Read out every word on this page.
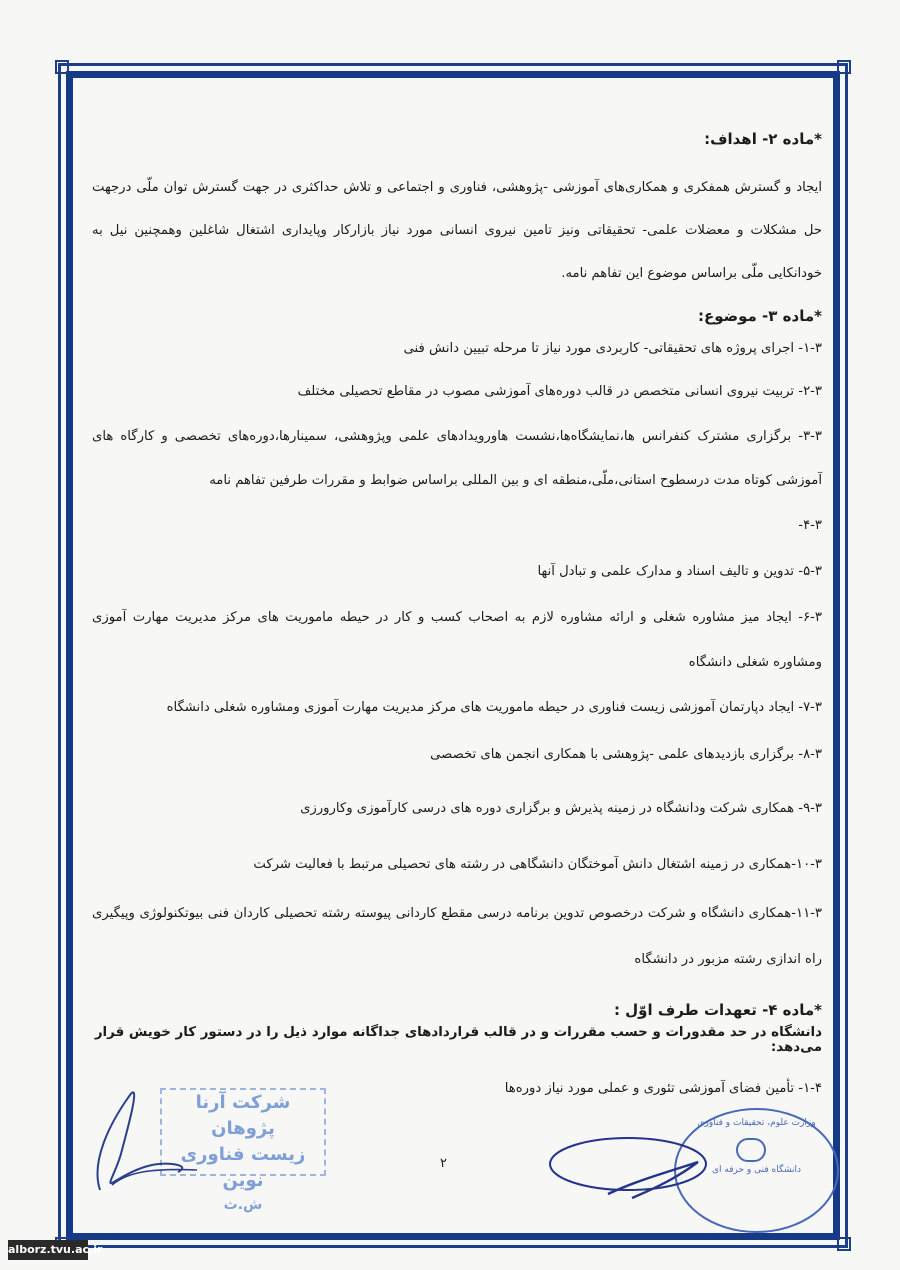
*ماده ۲- اهداف:

ایجاد و گسترش همفکری و همکاری‌های آموزشی -پژوهشی، فناوری و اجتماعی و تلاش حداکثری در جهت گسترش توان ملّی درجهت حل مشکلات و معضلات علمی- تحقیقاتی ونیز تامین نیروی انسانی مورد نیاز بازارکار وپایداری اشتغال شاغلین وهمچنین نیل به خودانکایی ملّی براساس موضوع این تفاهم نامه.

*ماده ۳- موضوع:

۱-۳- اجرای پروژه های تحقیقاتی- کاربردی مورد نیاز تا مرحله تبیین دانش فنی

۲-۳- تربیت نیروی انسانی متخصص در قالب دوره‌های آموزشی مصوب در مقاطع تحصیلی مختلف

۳-۳- برگزاری مشترک کنفرانس ها،نمایشگاه‌ها،نشست هاورویدادهای علمی وپژوهشی، سمینارها،دوره‌های تخصصی و کارگاه های آموزشی کوتاه مدت درسطوح استانی،ملّی،منطقه ای و بین المللی براساس ضوابط و مقررات طرفین تفاهم نامه

۴-۳-

۵-۳- تدوین و تالیف اسناد و مدارک علمی و تبادل آنها

۶-۳- ایجاد میز مشاوره شغلی و ارائه مشاوره لازم به اصحاب کسب و کار در حیطه ماموریت های مرکز مدیریت مهارت آموزی ومشاوره شغلی دانشگاه

۷-۳- ایجاد دپارتمان آموزشی زیست فناوری در حیطه ماموریت های مرکز مدیریت مهارت آموزی ومشاوره شغلی دانشگاه

۸-۳- برگزاری بازدیدهای علمی -پژوهشی با همکاری انجمن های تخصصی

۹-۳- همکاری شرکت ودانشگاه در زمینه پذیرش و برگزاری دوره های درسی کارآموزی وکارورزی

۱۰-۳-همکاری در زمینه اشتغال دانش آموختگان دانشگاهی در رشته های تحصیلی مرتبط با فعالیت شرکت

۱۱-۳-همکاری دانشگاه و شرکت درخصوص تدوین برنامه درسی مقطع کاردانی پیوسته رشته تحصیلی کاردان فنی بیوتکنولوژی وپیگیری راه اندازی رشته مزبور در دانشگاه

*ماده ۴- تعهدات طرف اوّل :

دانشگاه در حد مقدورات و حسب مقررات و در قالب قراردادهای جداگانه موارد ذیل را در دستور کار خویش قرار می‌دهد:

۱-۴- تأمین فضای آموزشی تئوری و عملی مورد نیاز دوره‌ها

۲
شرکت آرنا پژوهان
زیست فناوری نوین
ش.ث
وزارت علوم، تحقیقات و فناوری
دانشگاه فنی و حرفه ای
alborz.tvu.ac.ir
